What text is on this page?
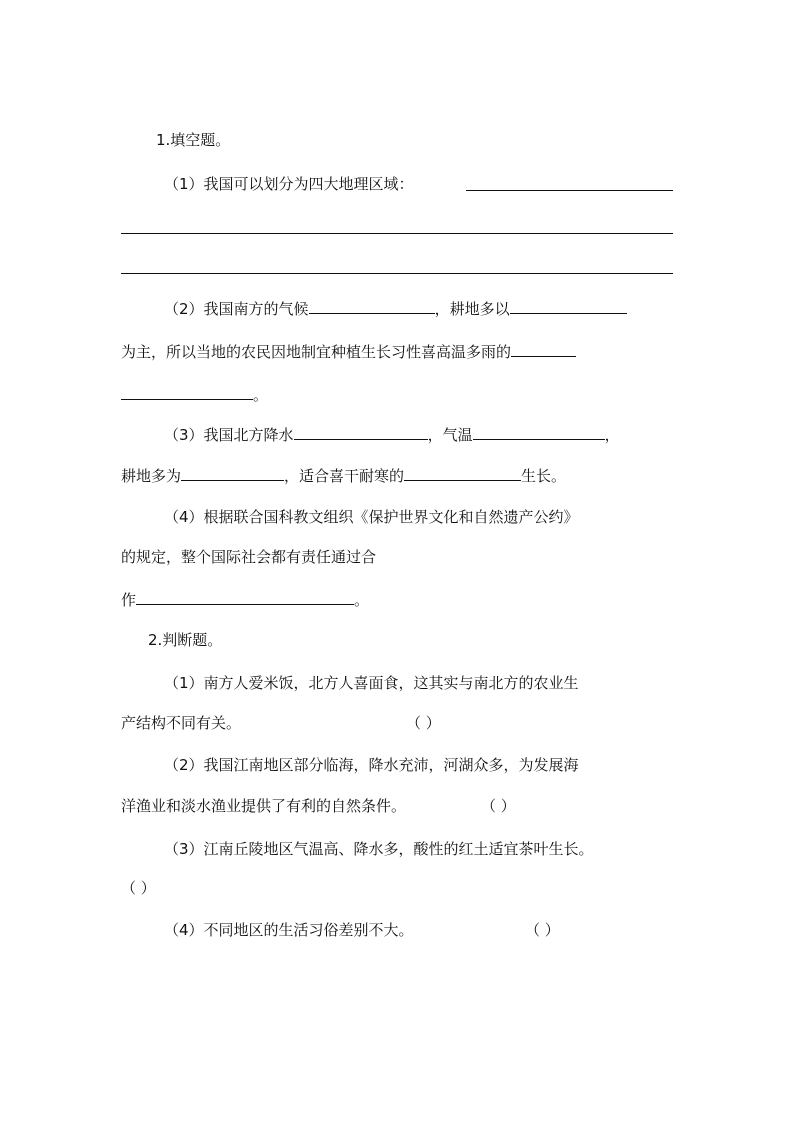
1.填空题。
（1）我国可以划分为四大地理区域：
（2）我国南方的气候	，耕地多以
为主，所以当地的农民因地制宜种植生长习性喜高温多雨的
。
（3）我国北方降水	，气温	，
耕地多为	，适合喜干耐寒的	生长。
（4）根据联合国科教文组织《保护世界文化和自然遗产公约》
的规定，整个国际社会都有责任通过合
作	。
2.判断题。
（1）南方人爱米饭，北方人喜面食，这其实与南北方的农业生
产结构不同有关。	（ ）
（2）我国江南地区部分临海，降水充沛，河湖众多，为发展海
洋渔业和淡水渔业提供了有利的自然条件。	（ ）
（3）江南丘陵地区气温高、降水多，酸性的红土适宜茶叶生长。
（ ）
（4）不同地区的生活习俗差别不大。	（ ）
